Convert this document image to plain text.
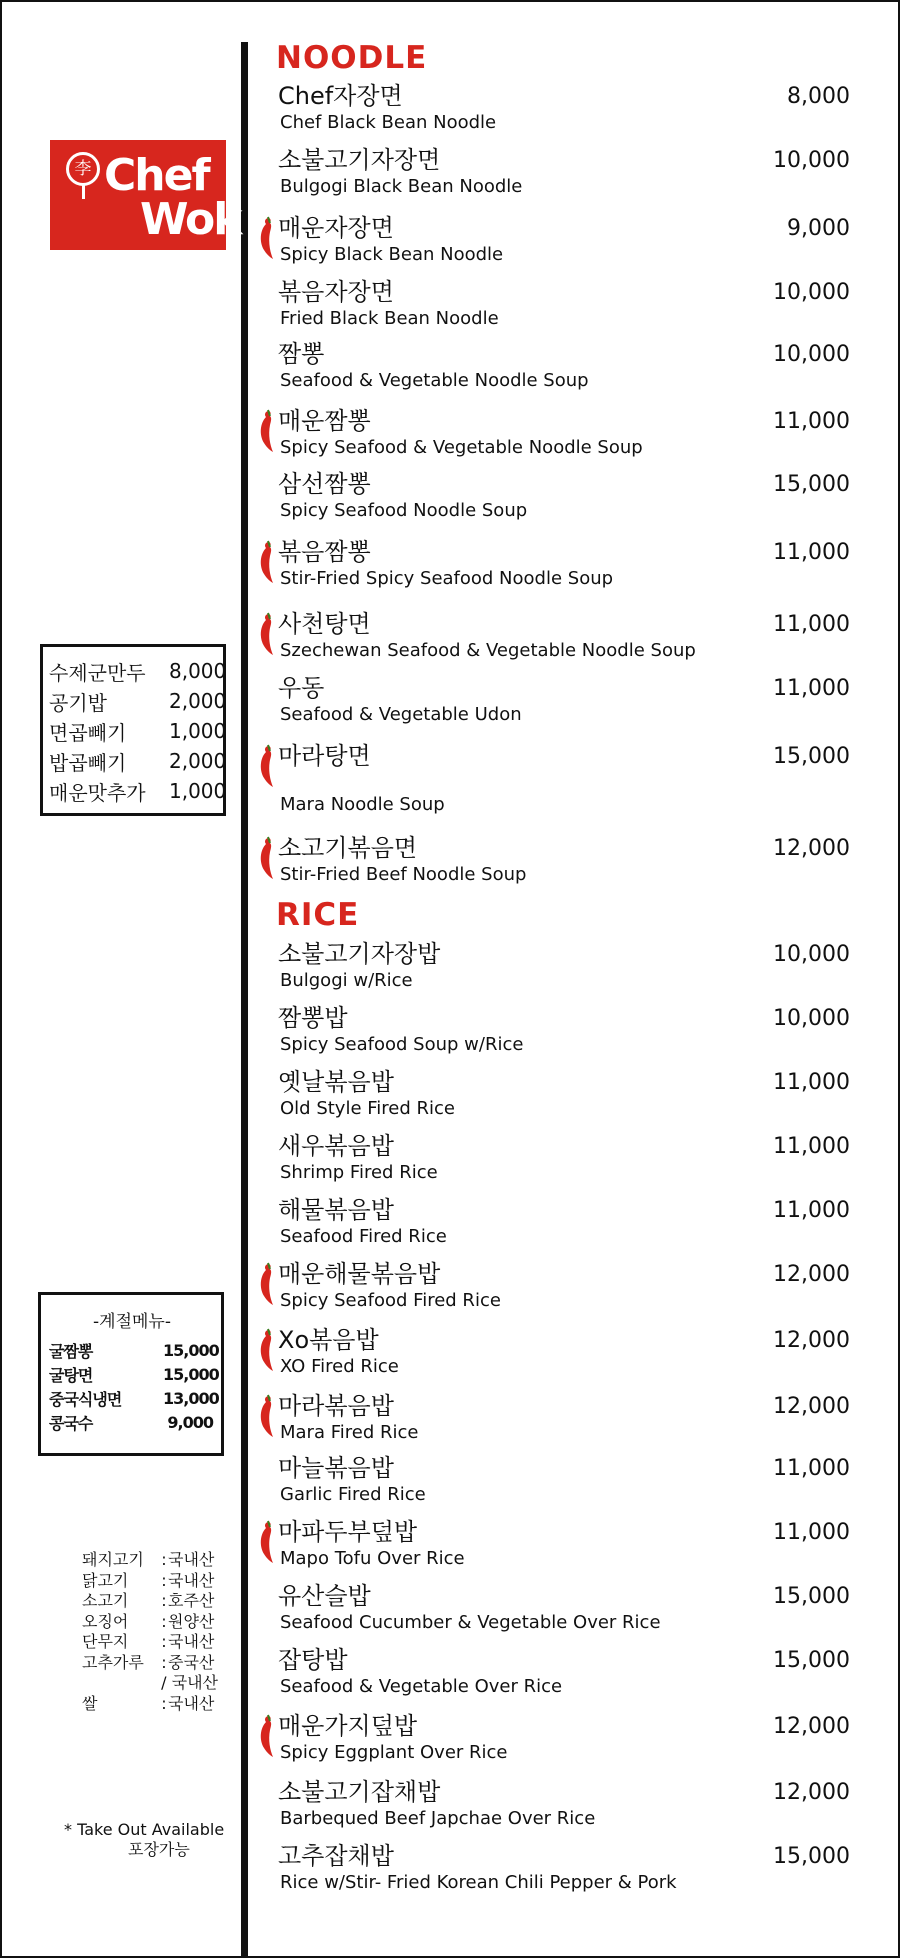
李 Chef
Wok
수제군만두	8,000
공기밥	2,000
면곱빼기	1,000
밥곱빼기	2,000
매운맛추가	1,000
-계절메뉴-
굴짬뽕	15,000
굴탕면	15,000
중국식냉면	13,000
콩국수	9,000
돼지고기	: 국내산
닭고기	: 국내산
소고기	: 호주산
오징어	: 원양산
단무지	: 국내산
고추가루	: 중국산
/ 국내산
쌀	: 국내산
* Take Out Available
포장가능
NOODLE
RICE
Chef자장면
Chef Black Bean Noodle
8,000
소불고기자장면
Bulgogi Black Bean Noodle
10,000
매운자장면
Spicy Black Bean Noodle
9,000
볶음자장면
Fried Black Bean Noodle
10,000
짬뽕
Seafood & Vegetable Noodle Soup
10,000
매운짬뽕
Spicy Seafood & Vegetable Noodle Soup
11,000
삼선짬뽕
Spicy Seafood Noodle Soup
15,000
볶음짬뽕
Stir-Fried Spicy Seafood Noodle Soup
11,000
사천탕면
Szechewan Seafood & Vegetable Noodle Soup
11,000
우동
Seafood & Vegetable Udon
11,000
마라탕면
Mara Noodle Soup
15,000
소고기볶음면
Stir-Fried Beef Noodle Soup
12,000
소불고기자장밥
Bulgogi w/Rice
10,000
짬뽕밥
Spicy Seafood Soup w/Rice
10,000
옛날볶음밥
Old Style Fired Rice
11,000
새우볶음밥
Shrimp Fired Rice
11,000
해물볶음밥
Seafood Fired Rice
11,000
매운해물볶음밥
Spicy Seafood Fired Rice
12,000
Xo볶음밥
XO Fired Rice
12,000
마라볶음밥
Mara Fired Rice
12,000
마늘볶음밥
Garlic Fired Rice
11,000
마파두부덮밥
Mapo Tofu Over Rice
11,000
유산슬밥
Seafood Cucumber & Vegetable Over Rice
15,000
잡탕밥
Seafood & Vegetable Over Rice
15,000
매운가지덮밥
Spicy Eggplant Over Rice
12,000
소불고기잡채밥
Barbequed Beef Japchae Over Rice
12,000
고추잡채밥
Rice w/Stir- Fried Korean Chili Pepper & Pork
15,000
